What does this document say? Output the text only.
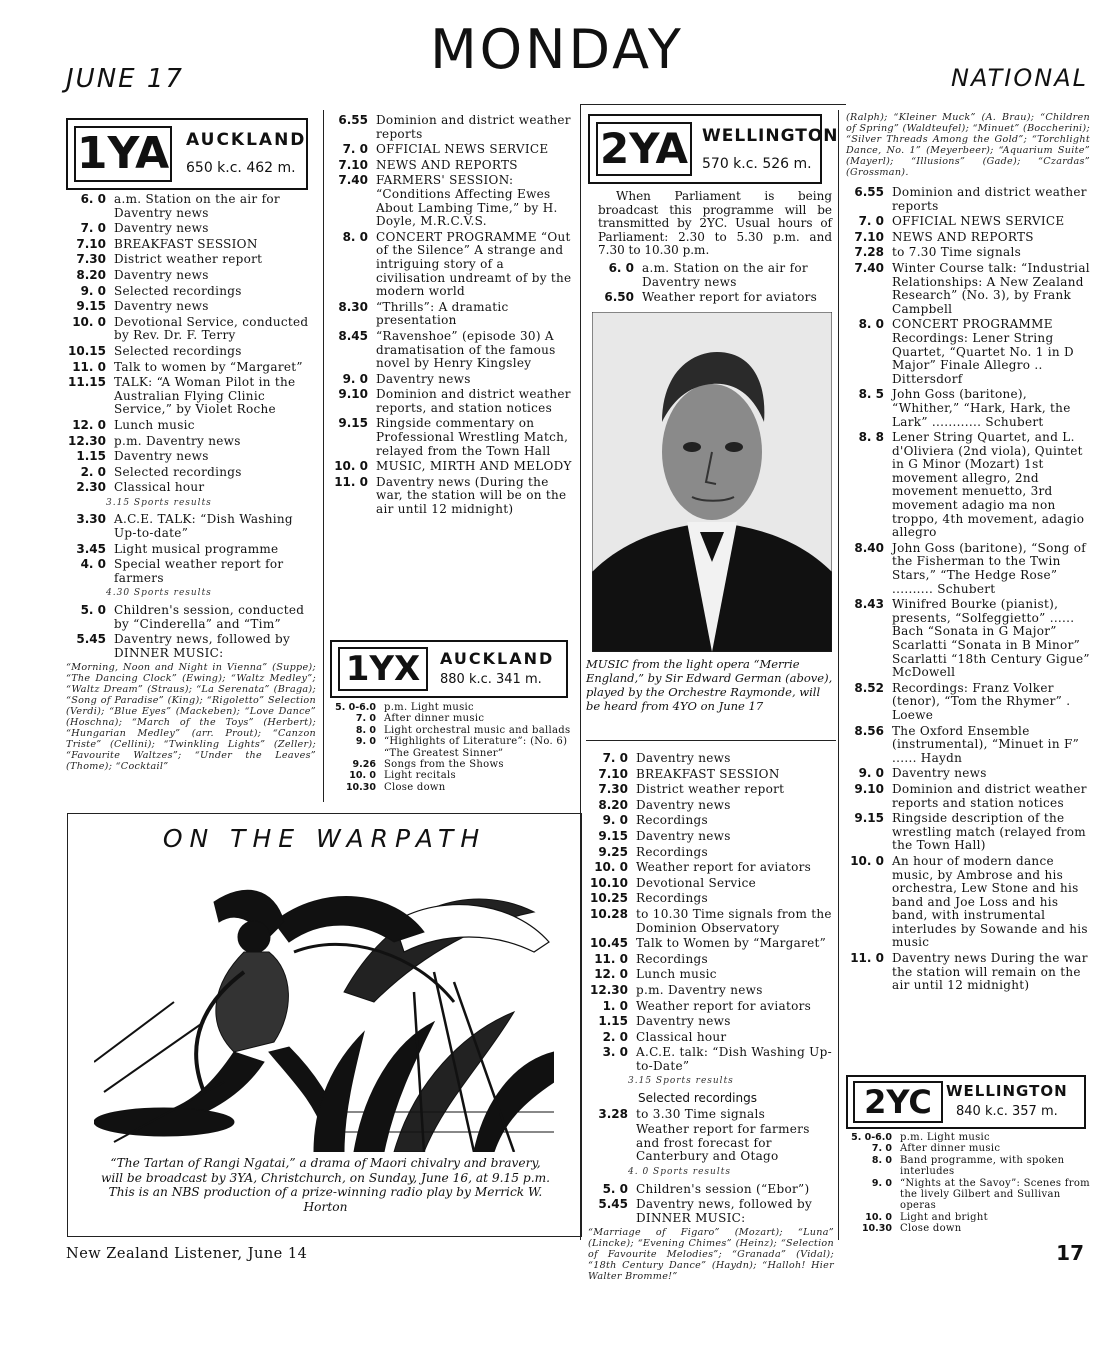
JUNE 17	MONDAY	NATIONAL
1YA AUCKLAND
650 k.c. 462 m.
6. 0 a.m. Station on the air for Daventry news
7. 0 Daventry news
7.10 BREAKFAST SESSION
7.30 District weather report
8.20 Daventry news
9. 0 Selected recordings
9.15 Daventry news
10. 0 Devotional Service, conducted by Rev. Dr. F. Terry
10.15 Selected recordings
11. 0 Talk to women by “Margaret”
11.15 TALK: “A Woman Pilot in the Australian Flying Clinic Service,” by Violet Roche
12. 0 Lunch music
12.30 p.m. Daventry news
1.15 Daventry news
2. 0 Selected recordings
2.30 Classical hour
3.15 Sports results
3.30 A.C.E. TALK: “Dish Washing Up-to-date”
3.45 Light musical programme
4. 0 Special weather report for farmers
4.30 Sports results
5. 0 Children's session, conducted by “Cinderella” and “Tim”
5.45 Daventry news, followed by DINNER MUSIC:
“Morning, Noon and Night in Vienna” (Suppe); “The Dancing Clock” (Ewing); “Waltz Medley”; “Waltz Dream” (Straus); “La Serenata” (Braga); “Song of Paradise” (King); “Rigoletto” Selection (Verdi); “Blue Eyes” (Mackeben); “Love Dance” (Hoschna); “March of the Toys” (Herbert); “Hungarian Medley” (arr. Prout); “Canzon Triste” (Cellini); “Twinkling Lights” (Zeller); “Favourite Waltzes”; “Under the Leaves” (Thome); “Cocktail”
6.55 Dominion and district weather reports
7. 0 OFFICIAL NEWS SERVICE
7.10 NEWS AND REPORTS
7.40 FARMERS' SESSION: “Conditions Affecting Ewes About Lambing Time,” by H. Doyle, M.R.C.V.S.
8. 0 CONCERT PROGRAMME “Out of the Silence” A strange and intriguing story of a civilisation undreamt of by the modern world
8.30 “Thrills”: A dramatic presentation
8.45 “Ravenshoe” (episode 30) A dramatisation of the famous novel by Henry Kingsley
9. 0 Daventry news
9.10 Dominion and district weather reports, and station notices
9.15 Ringside commentary on Professional Wrestling Match, relayed from the Town Hall
10. 0 MUSIC, MIRTH AND MELODY
11. 0 Daventry news (During the war, the station will be on the air until 12 midnight)
1YX	AUCKLAND
880 k.c. 341 m.
5. 0-6.0 p.m. Light music
7. 0 After dinner music
8. 0 Light orchestral music and ballads
9. 0 “Highlights of Literature”: (No. 6) “The Greatest Sinner”
9.26 Songs from the Shows
10. 0 Light recitals
10.30 Close down
ON THE WARPATH
“The Tartan of Rangi Ngatai,” a drama of Maori chivalry and bravery, will be broadcast by 3YA, Christchurch, on Sunday, June 16, at 9.15 p.m. This is an NBS production of a prize-winning radio play by Merrick W. Horton
2YA WELLINGTON
570 k.c. 526 m.
When Parliament is being broadcast this programme will be transmitted by 2YC. Usual hours of Parliament: 2.30 to 5.30 p.m. and 7.30 to 10.30 p.m.
6. 0 a.m. Station on the air for Daventry news
6.50 Weather report for aviators
MUSIC from the light opera “Merrie England,” by Sir Edward German (above), played by the Orchestre Raymonde, will be heard from 4YO on June 17
7. 0 Daventry news
7.10 BREAKFAST SESSION
7.30 District weather report
8.20 Daventry news
9. 0 Recordings
9.15 Daventry news
9.25 Recordings
10. 0 Weather report for aviators
10.10 Devotional Service
10.25 Recordings
10.28 to 10.30 Time signals from the Dominion Observatory
10.45 Talk to Women by “Margaret”
11. 0 Recordings
12. 0 Lunch music
12.30 p.m. Daventry news
1. 0 Weather report for aviators
1.15 Daventry news
2. 0 Classical hour
3. 0 A.C.E. talk: “Dish Washing Up-to-Date”
3.15 Sports results
Selected recordings
3.28 to 3.30 Time signals
Weather report for farmers and frost forecast for Canterbury and Otago
4. 0 Sports results
5. 0 Children's session (“Ebor”)
5.45 Daventry news, followed by DINNER MUSIC:
“Marriage of Figaro” (Mozart); “Luna” (Lincke); “Evening Chimes” (Heinz); “Selection of Favourite Melodies”; “Granada” (Vidal); “18th Century Dance” (Haydn); “Halloh! Hier Walter Bromme!”
(Ralph); “Kleiner Muck” (A. Brau); “Children of Spring” (Waldteufel); “Minuet” (Boccherini); “Silver Threads Among the Gold”; “Torchlight Dance, No. 1” (Meyerbeer); “Aquarium Suite” (Mayerl); “Illusions” (Gade); “Czardas” (Grossman).
6.55 Dominion and district weather reports
7. 0 OFFICIAL NEWS SERVICE
7.10 NEWS AND REPORTS
7.28 to 7.30 Time signals
7.40 Winter Course talk: “Industrial Relationships: A New Zealand Research” (No. 3), by Frank Campbell
8. 0 CONCERT PROGRAMME Recordings: Lener String Quartet, “Quartet No. 1 in D Major” Finale Allegro .. Dittersdorf
8. 5 John Goss (baritone), “Whither,” “Hark, Hark, the Lark” ............ Schubert
8. 8 Lener String Quartet, and L. d'Oliviera (2nd viola), Quintet in G Minor (Mozart) 1st movement allegro, 2nd movement menuetto, 3rd movement adagio ma non troppo, 4th movement, adagio allegro
8.40 John Goss (baritone), “Song of the Fisherman to the Twin Stars,” “The Hedge Rose” .......... Schubert
8.43 Winifred Bourke (pianist), presents, “Solfeggietto” ...... Bach “Sonata in G Major” Scarlatti “Sonata in B Minor” Scarlatti “18th Century Gigue” McDowell
8.52 Recordings: Franz Volker (tenor), “Tom the Rhymer” . Loewe
8.56 The Oxford Ensemble (instrumental), “Minuet in F” ...... Haydn
9. 0 Daventry news
9.10 Dominion and district weather reports and station notices
9.15 Ringside description of the wrestling match (relayed from the Town Hall)
10. 0 An hour of modern dance music, by Ambrose and his orchestra, Lew Stone and his band and Joe Loss and his band, with instrumental interludes by Sowande and his music
11. 0 Daventry news During the war the station will remain on the air until 12 midnight)
2YC WELLINGTON
840 k.c. 357 m.
5. 0-6.0 p.m. Light music
7. 0 After dinner music
8. 0 Band programme, with spoken interludes
9. 0 “Nights at the Savoy”: Scenes from the lively Gilbert and Sullivan operas
10. 0 Light and bright
10.30 Close down
New Zealand Listener, June 14	17
